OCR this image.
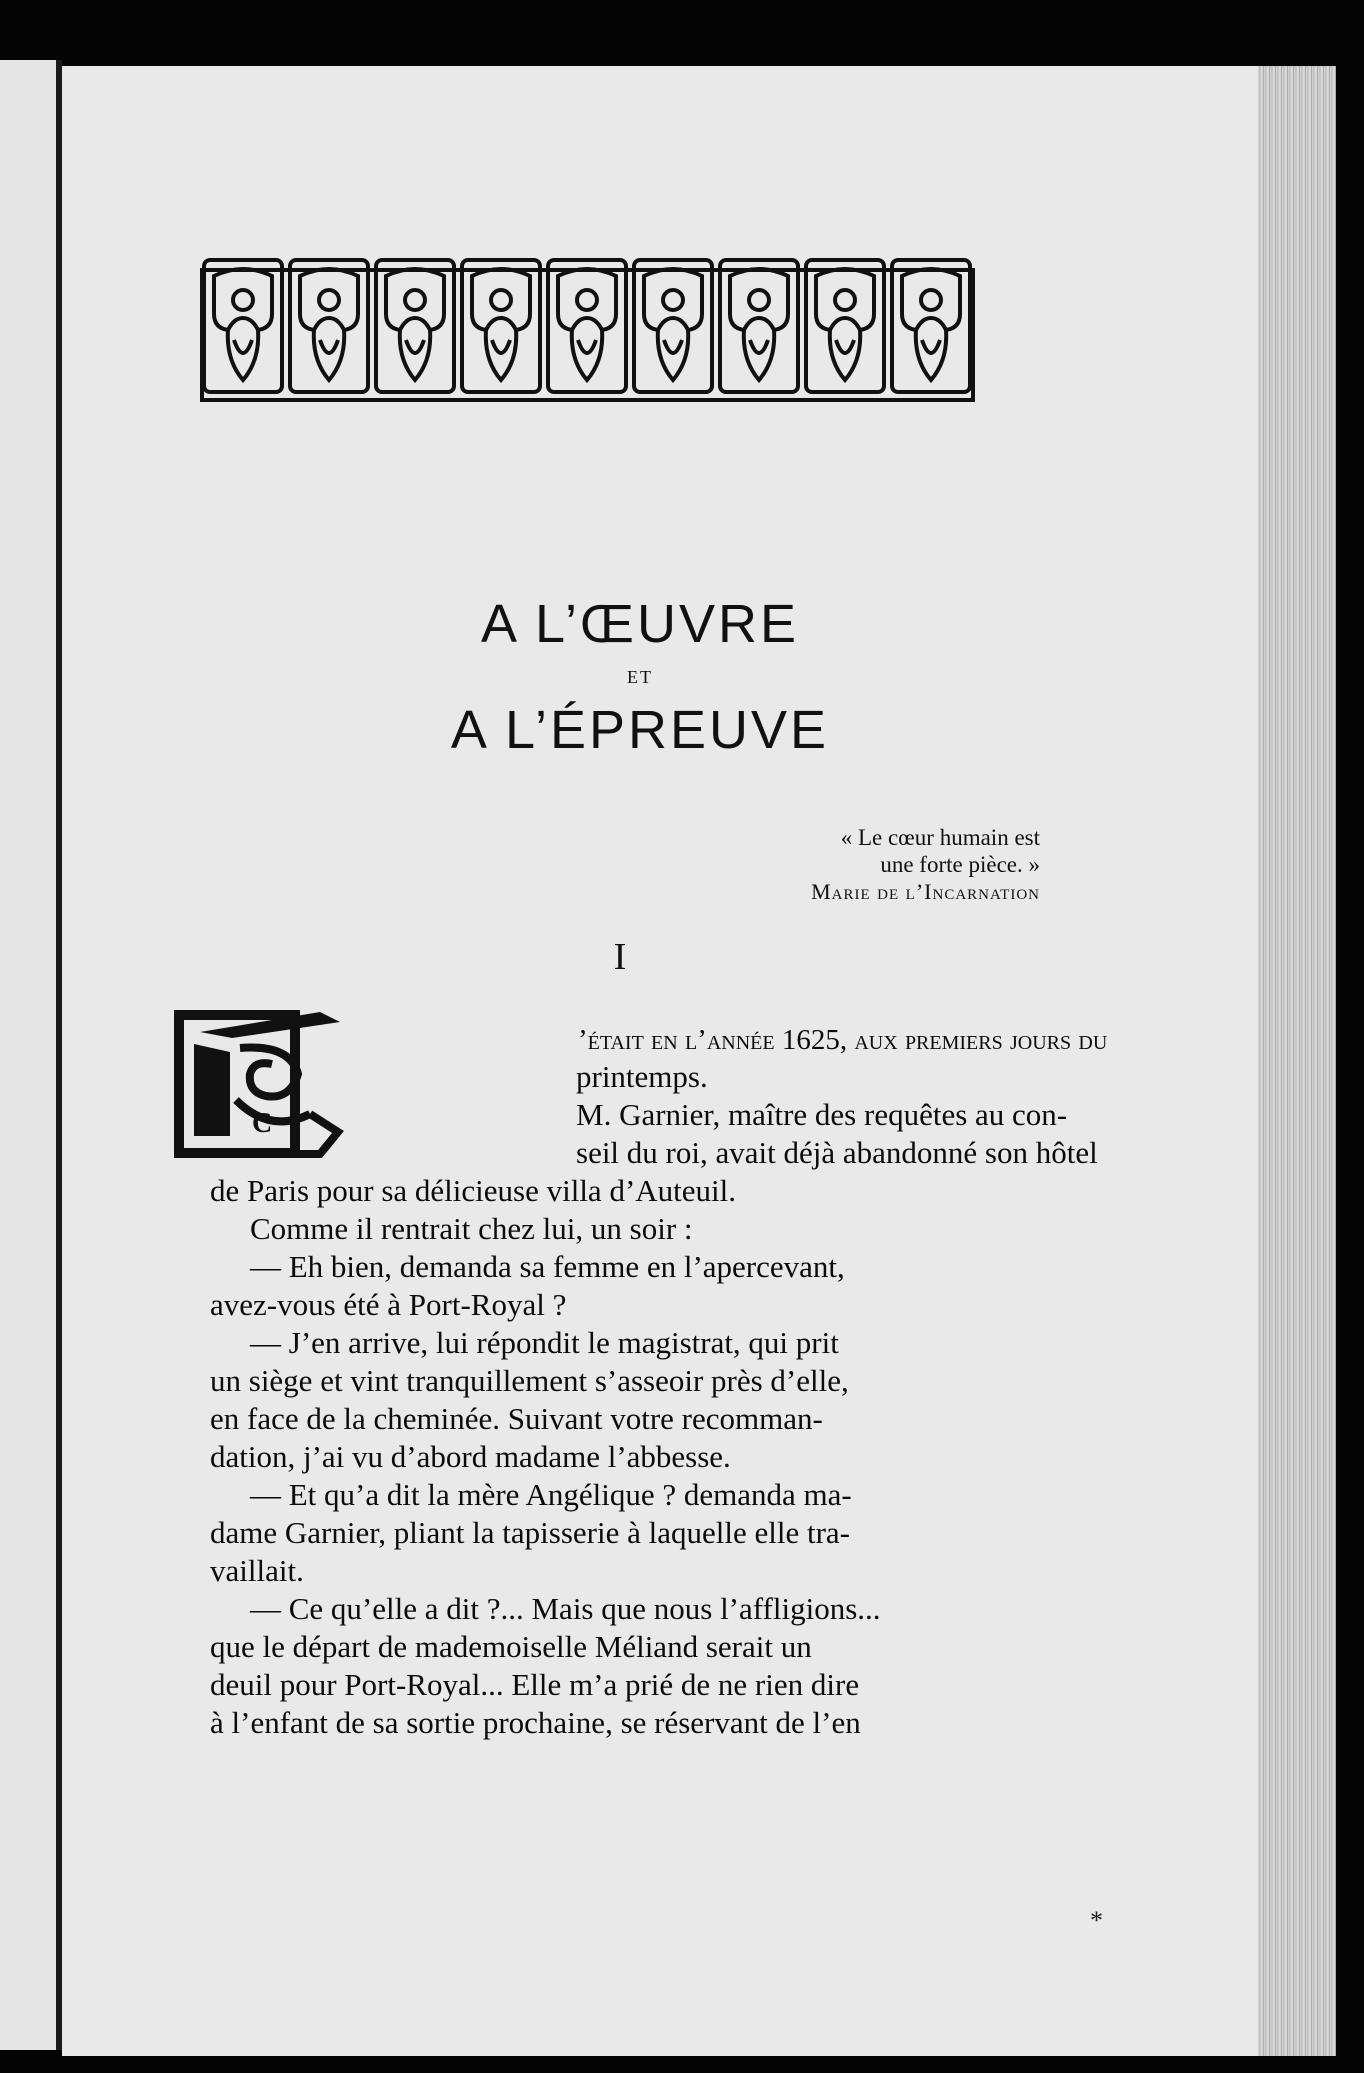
A L’ŒUVRE
ET
A L’ÉPREUVE
« Le cœur humain est
une forte pièce. »
Marie de l’Incarnation
I
C
’était en l’année 1625, aux premiers jours du
printemps.
M. Garnier, maître des requêtes au con-
seil du roi, avait déjà abandonné son hôtel
de Paris pour sa délicieuse villa d’Auteuil.
Comme il rentrait chez lui, un soir :
— Eh bien, demanda sa femme en l’apercevant,
avez-vous été à Port-Royal ?
— J’en arrive, lui répondit le magistrat, qui prit
un siège et vint tranquillement s’asseoir près d’elle,
en face de la cheminée. Suivant votre recomman-
dation, j’ai vu d’abord madame l’abbesse.
— Et qu’a dit la mère Angélique ? demanda ma-
dame Garnier, pliant la tapisserie à laquelle elle tra-
vaillait.
— Ce qu’elle a dit ?... Mais que nous l’affligions...
que le départ de mademoiselle Méliand serait un
deuil pour Port-Royal... Elle m’a prié de ne rien dire
à l’enfant de sa sortie prochaine, se réservant de l’en
*
